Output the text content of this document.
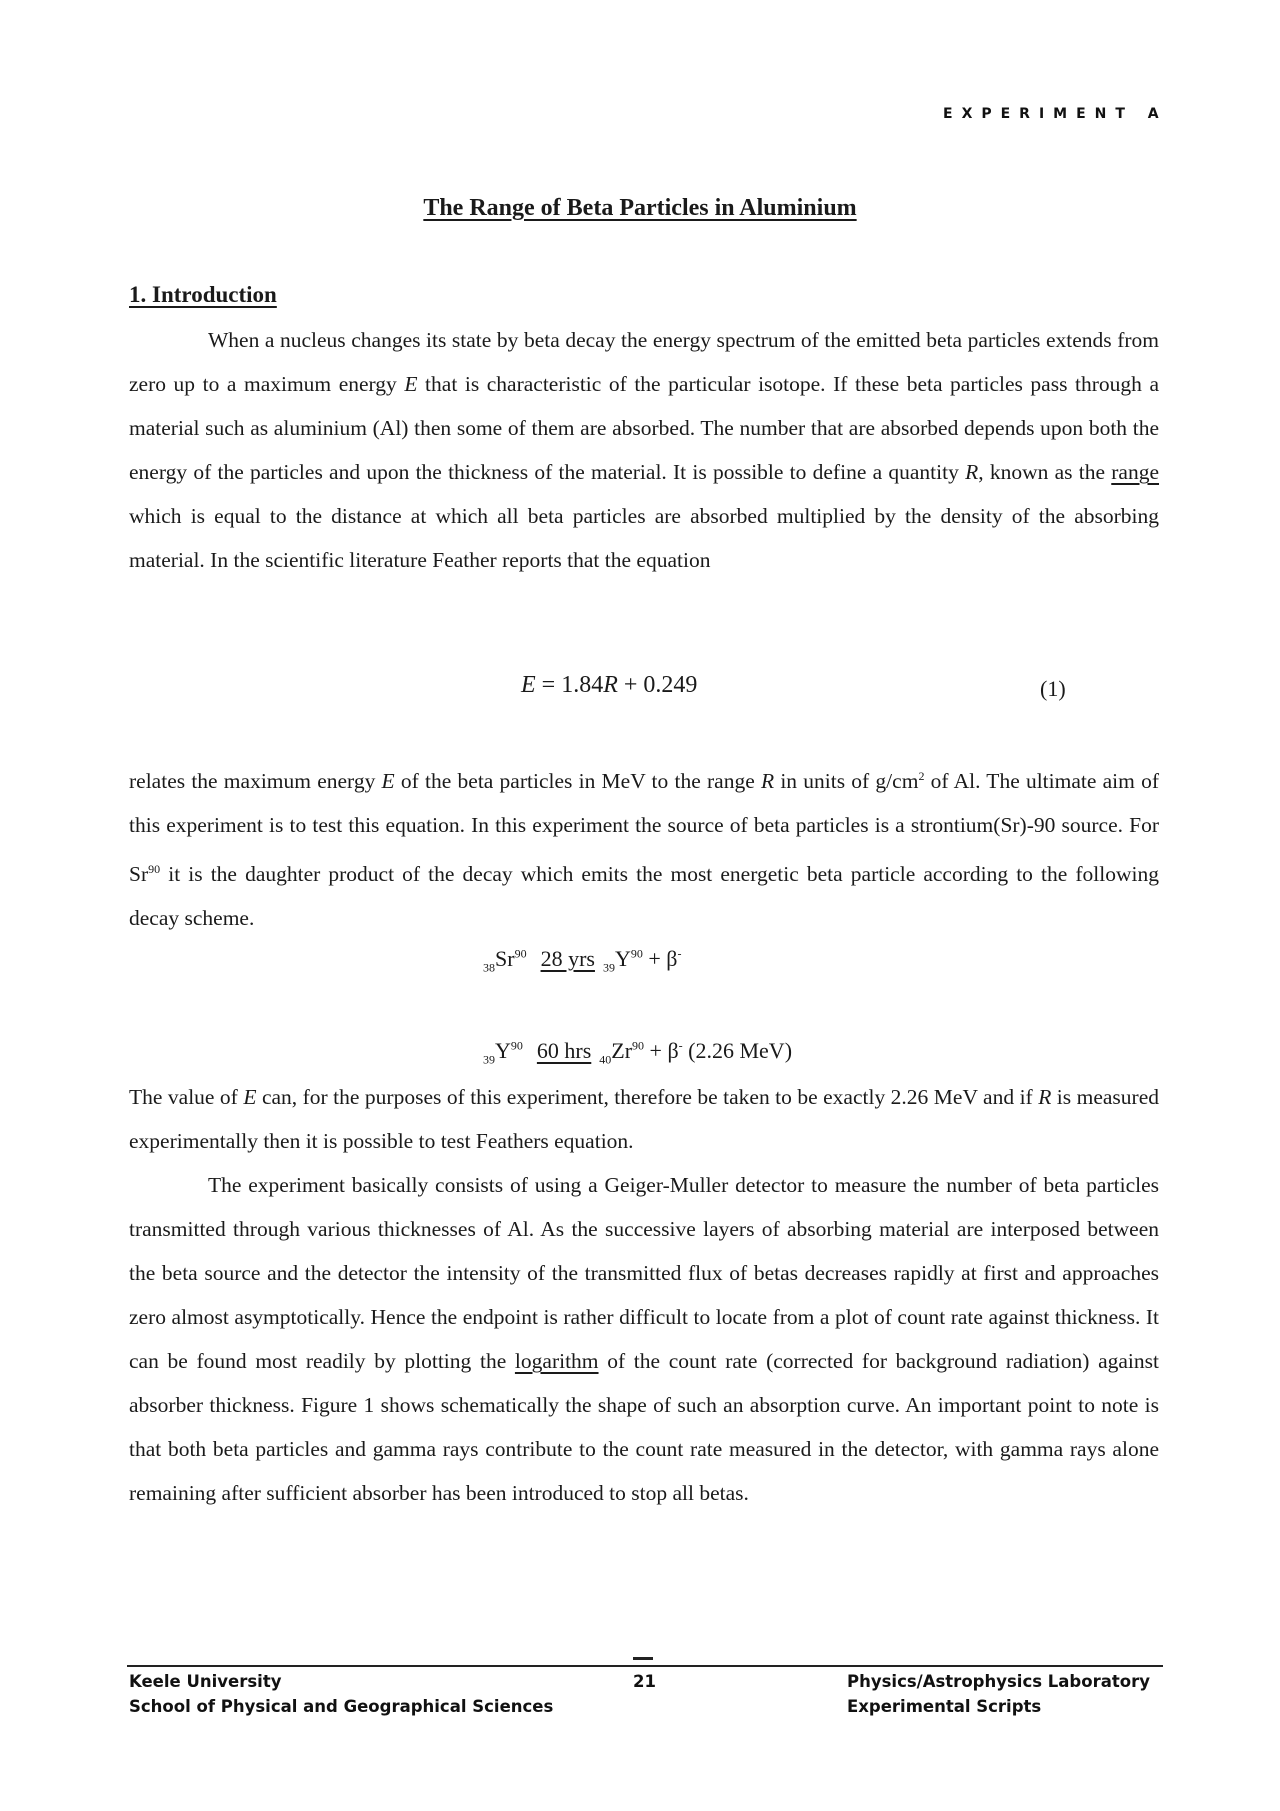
EXPERIMENT A
The Range of Beta Particles in Aluminium
1. Introduction

When a nucleus changes its state by beta decay the energy spectrum of the emitted beta particles extends from zero up to a maximum energy E that is characteristic of the particular isotope. If these beta particles pass through a material such as aluminium (Al) then some of them are absorbed. The number that are absorbed depends upon both the energy of the particles and upon the thickness of the material. It is possible to define a quantity R, known as the range which is equal to the distance at which all beta particles are absorbed multiplied by the density of the absorbing material. In the scientific literature Feather reports that the equation

E = 1.84R + 0.249	(1)

relates the maximum energy E of the beta particles in MeV to the range R in units of $g/cm^2$ of Al. The ultimate aim of this experiment is to test this equation. In this experiment the source of beta particles is a strontium(Sr)-90 source. For Sr$^{90}$ it is the daughter product of the decay which emits the most energetic beta particle according to the following decay scheme.

$_{38}Sr^{90}$ 28 yrs $_{39}Y^{90} + \beta^-$
$_{39}Y^{90}$ 60 hrs $_{40}Zr^{90} + \beta^-$ (2.26 MeV)

The value of E can, for the purposes of this experiment, therefore be taken to be exactly 2.26 MeV and if R is measured experimentally then it is possible to test Feathers equation.

The experiment basically consists of using a Geiger-Muller detector to measure the number of beta particles transmitted through various thicknesses of Al. As the successive layers of absorbing material are interposed between the beta source and the detector the intensity of the transmitted flux of betas decreases rapidly at first and approaches zero almost asymptotically. Hence the endpoint is rather difficult to locate from a plot of count rate against thickness. It can be found most readily by plotting the logarithm of the count rate (corrected for background radiation) against absorber thickness. Figure 1 shows schematically the shape of such an absorption curve. An important point to note is that both beta particles and gamma rays contribute to the count rate measured in the detector, with gamma rays alone remaining after sufficient absorber has been introduced to stop all betas.

Keele University
School of Physical and Geographical Sciences
21	Physics/Astrophysics Laboratory
Experimental Scripts
